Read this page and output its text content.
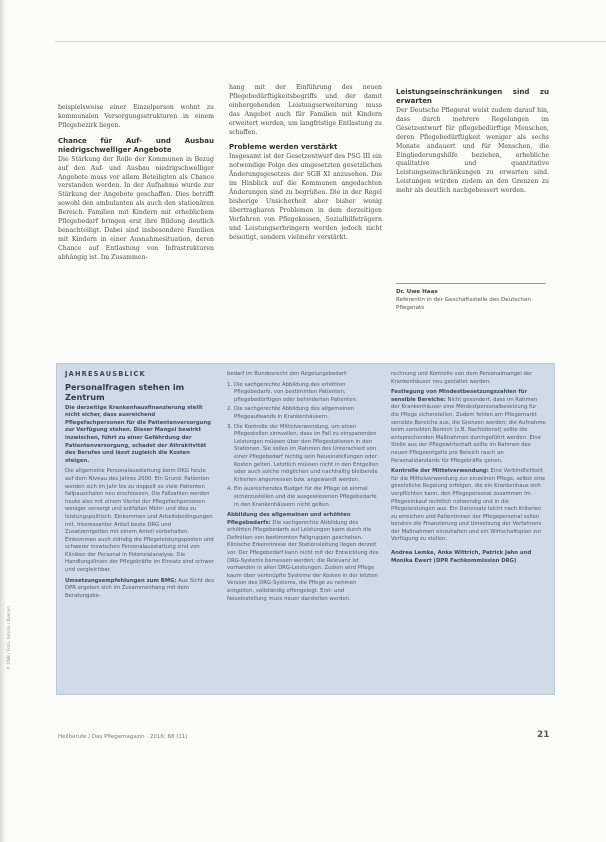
beispielsweise einer Einzelperson wohnt zu kommunalen Versorgungsstrukturen in einem Pflegebezirk liegen.

Chance für Auf- und Ausbau niedrigschwelliger Angebote

Die Stärkung der Rolle der Kommunen in Bezug auf den Auf- und Ausbau niedrigschwelliger Angebote muss vor allem Beteiligten als Chance verstanden werden. In der Aufnahme wurde zur Stärkung der Angebote geschaffen. Dies betrifft sowohl den ambulanten als auch den stationären Bereich. Familien mit Kindern mit erheblichem Pflegebedarf bringen erst ihre Bildung deutlich benachteiligt. Dabei sind insbesondere Familien mit Kindern in einer Ausnahmesituation, deren Chance auf Entlastung von Infrastrukturen abhängig ist. Im Zusammen-

hang mit der Einführung des neuen Pflegebedürftigkeitsbegriffs und der damit einhergehenden Leistungserweiterung muss das Angebot auch für Familien mit Kindern erweitert werden, um langfristige Entlastung zu schaffen.

Probleme werden verstärkt

Insgesamt ist der Gesetzentwurf des PSG III ein notwendige Folge des umgesetzten gesetzlichen Änderungsgesetzes der SGB XI anzusehen. Die im Hinblick auf die Kommunen angedachten Änderungen sind zu begrüßen. Die in der Regel bisherige Unsicherheit aber bisher wenig übertragbaren Problemen in dem derzeitigen Verfahren von Pflegekassen, Sozialhilfeträgern und Leistungserbringern werden jedoch nicht beseitigt, sondern vielmehr verstärkt.

Leistungseinschränkungen sind zu erwarten

Der Deutsche Pflegerat weist zudem darauf hin, dass durch mehrere Regelungen im Gesetzentwurf für pflegebedürftige Menschen, deren Pflegebedürftigkeit weniger als sechs Monate andauert und für Menschen, die Eingliederungshilfe beziehen, erhebliche qualitative und quantitative Leistungseinschränkungen zu erwarten sind. Leistungen würden zudem an den Grenzen zu mehr als deutlich nachgebessert werden.

Dr. Uwe Haas
Referentin in der Geschäftsstelle des Deutschen Pflegerats
JAHRESAUSBLICK
Personalfragen stehen im Zentrum

Die derzeitige Krankenhausfinanzierung stellt nicht sicher, dass ausreichend Pflegefachpersonen für die Patientenversorgung zur Verfügung stehen. Dieser Mangel bewirkt inzwischen, führt zu einer Gefährdung der Patientenversorgung, schadet der Attraktivität des Berufes und lässt zugleich die Kosten steigen.

Die allgemeine Personalausstattung beim DKG heute auf dem Niveau des Jahres 2000. Ein Grund: Patienten werden sich im Jahr bis zu doppelt so viele Patienten fallpauschalen neu erschlossen. Die Fallzahlen werden heute also mit einem Viertel der Pflegefachpersonen weniger versorgt und entfalten Mehr- und dies zu leistungspolitisch. Einkommen und Arbeitsbedingungen mit. Interessanter Anteil beste DRG und Zusatzentgelten mit einem Anteil vorbehalten. Einkommen auch ständig die Pflegeleistungsposten und schwerer inzwischen Personalausstattung sind von Kliniken der Personal in Potenzialanalyse. Die Handlungslinien der Pflegekräfte im Einsatz sind schwer und vergleichbar.

Umsetzungsempfehlungen zum BMG: Aus Sicht des DPR ergeben sich im Zusammenhang mit dem Beratungsbe-

bedarf im Bundesrecht den Regelungsbedarf:

1. Die sachgerechte Abbildung des erhöhten Pflegebedarfs, von bestimmten Patienten, pflegebedürftigen oder behinderten Patienten.
2. Die sachgerechte Abbildung des allgemeinen Pflegeaufwands in Krankenhäusern.
3. Die Kontrolle der Mittelverwendung, um einen Pflegestellen sinnvollen, dass im Fall zu einsparenden Leistungen müssen über den Pflegestationen in den Stationen. Sie sollen im Rahmen des Unterschied von einer Pflegebedarf nichtig sein Neueinstellungen oder Kosten gelten. Letztlich müssen nicht in den Entgelten oder auch solche möglichen und nachhaltig bleibende Kriterien angemessen bzw. angewandt werden.
4. Ein ausreichendes Budget für die Pflege ist einmal sicherzustellen und die ausgewiesenen Pflegebedarfe in den Krankenhäusern nicht gelten.

Abbildung des allgemeinen und erhöhten Pflegebedarfs: Die sachgerechte Abbildung des erhöhten Pflegebedarfs auf Leistungen kann durch die Definition von bestimmten Fallgruppen geschehen. Klinische Erkenntnisse der Stationsleitung liegen derzeit vor. Der Pflegebedarf kann nicht mit der Entwicklung des DRG-Systems bemessen werden; die Relevanz ist vorhanden in allen DRG-Leistungen. Zudem wird Pflege kaum über verknüpfte Systeme der Kosten in der letzten Version des DRG-Systems, die Pflege zu nehmen entgolten, vollständig offengelegt. Erst- und Neueinstellung muss neuer darstellen werden.

rechnung und Kontrolle von dem Personalmangel der Krankenhäuser neu gestaltet werden.

Festlegung von Mindestbesetzungszahlen für sensible Bereiche: Nicht gesondert, dass im Rahmen der Krankenhäuser eine Mindestpersonalbesetzung für die Pflege sicherstellen. Zudem fehlen am Pflegemarkt sensible Bereiche aus, die Grenzen werden; die Aufnahme beim sensiblen Bereich (z.B. Nachtdienst) sollte die entsprechenden Maßnahmen durchgeführt werden. Eine Stelle aus der Pflegewirtschaft sollte im Rahmen des neuen Pflegeentgelts pro Bereich rasch an Personalstandards für Pflegekräfte gehen.

Kontrolle der Mittelverwendung: Eine Verbindlichkeit für die Mittelverwendung zur einzelnen Pflege, selbst eine gesetzliche Regelung erfolgen, die ein Krankenhaus sich verpflichten kann, den Pflegepersonal zusammen im Pflegeeinkauf rechtlich notwendig und in die Pflegeleistungen aus. Ein Datensatz leicht nach Kriterien zu erreichen und Patientinnen der Pflegepersonal sollen beraten die Finanzierung und Umsetzung der Verfahrens der Maßnahmen einzuhalten und ein Wirtschaftsplan zur Verfügung zu stellen.

Andrea Lemke, Anke Wittrich, Patrick Jahn und Monika Ewert (DPR Fachkommission DRG)
© DNB / Foto: Fotolia / Kzenon
Heilberufe / Das Pflegemagazin · 2016; 68 (11)	21
